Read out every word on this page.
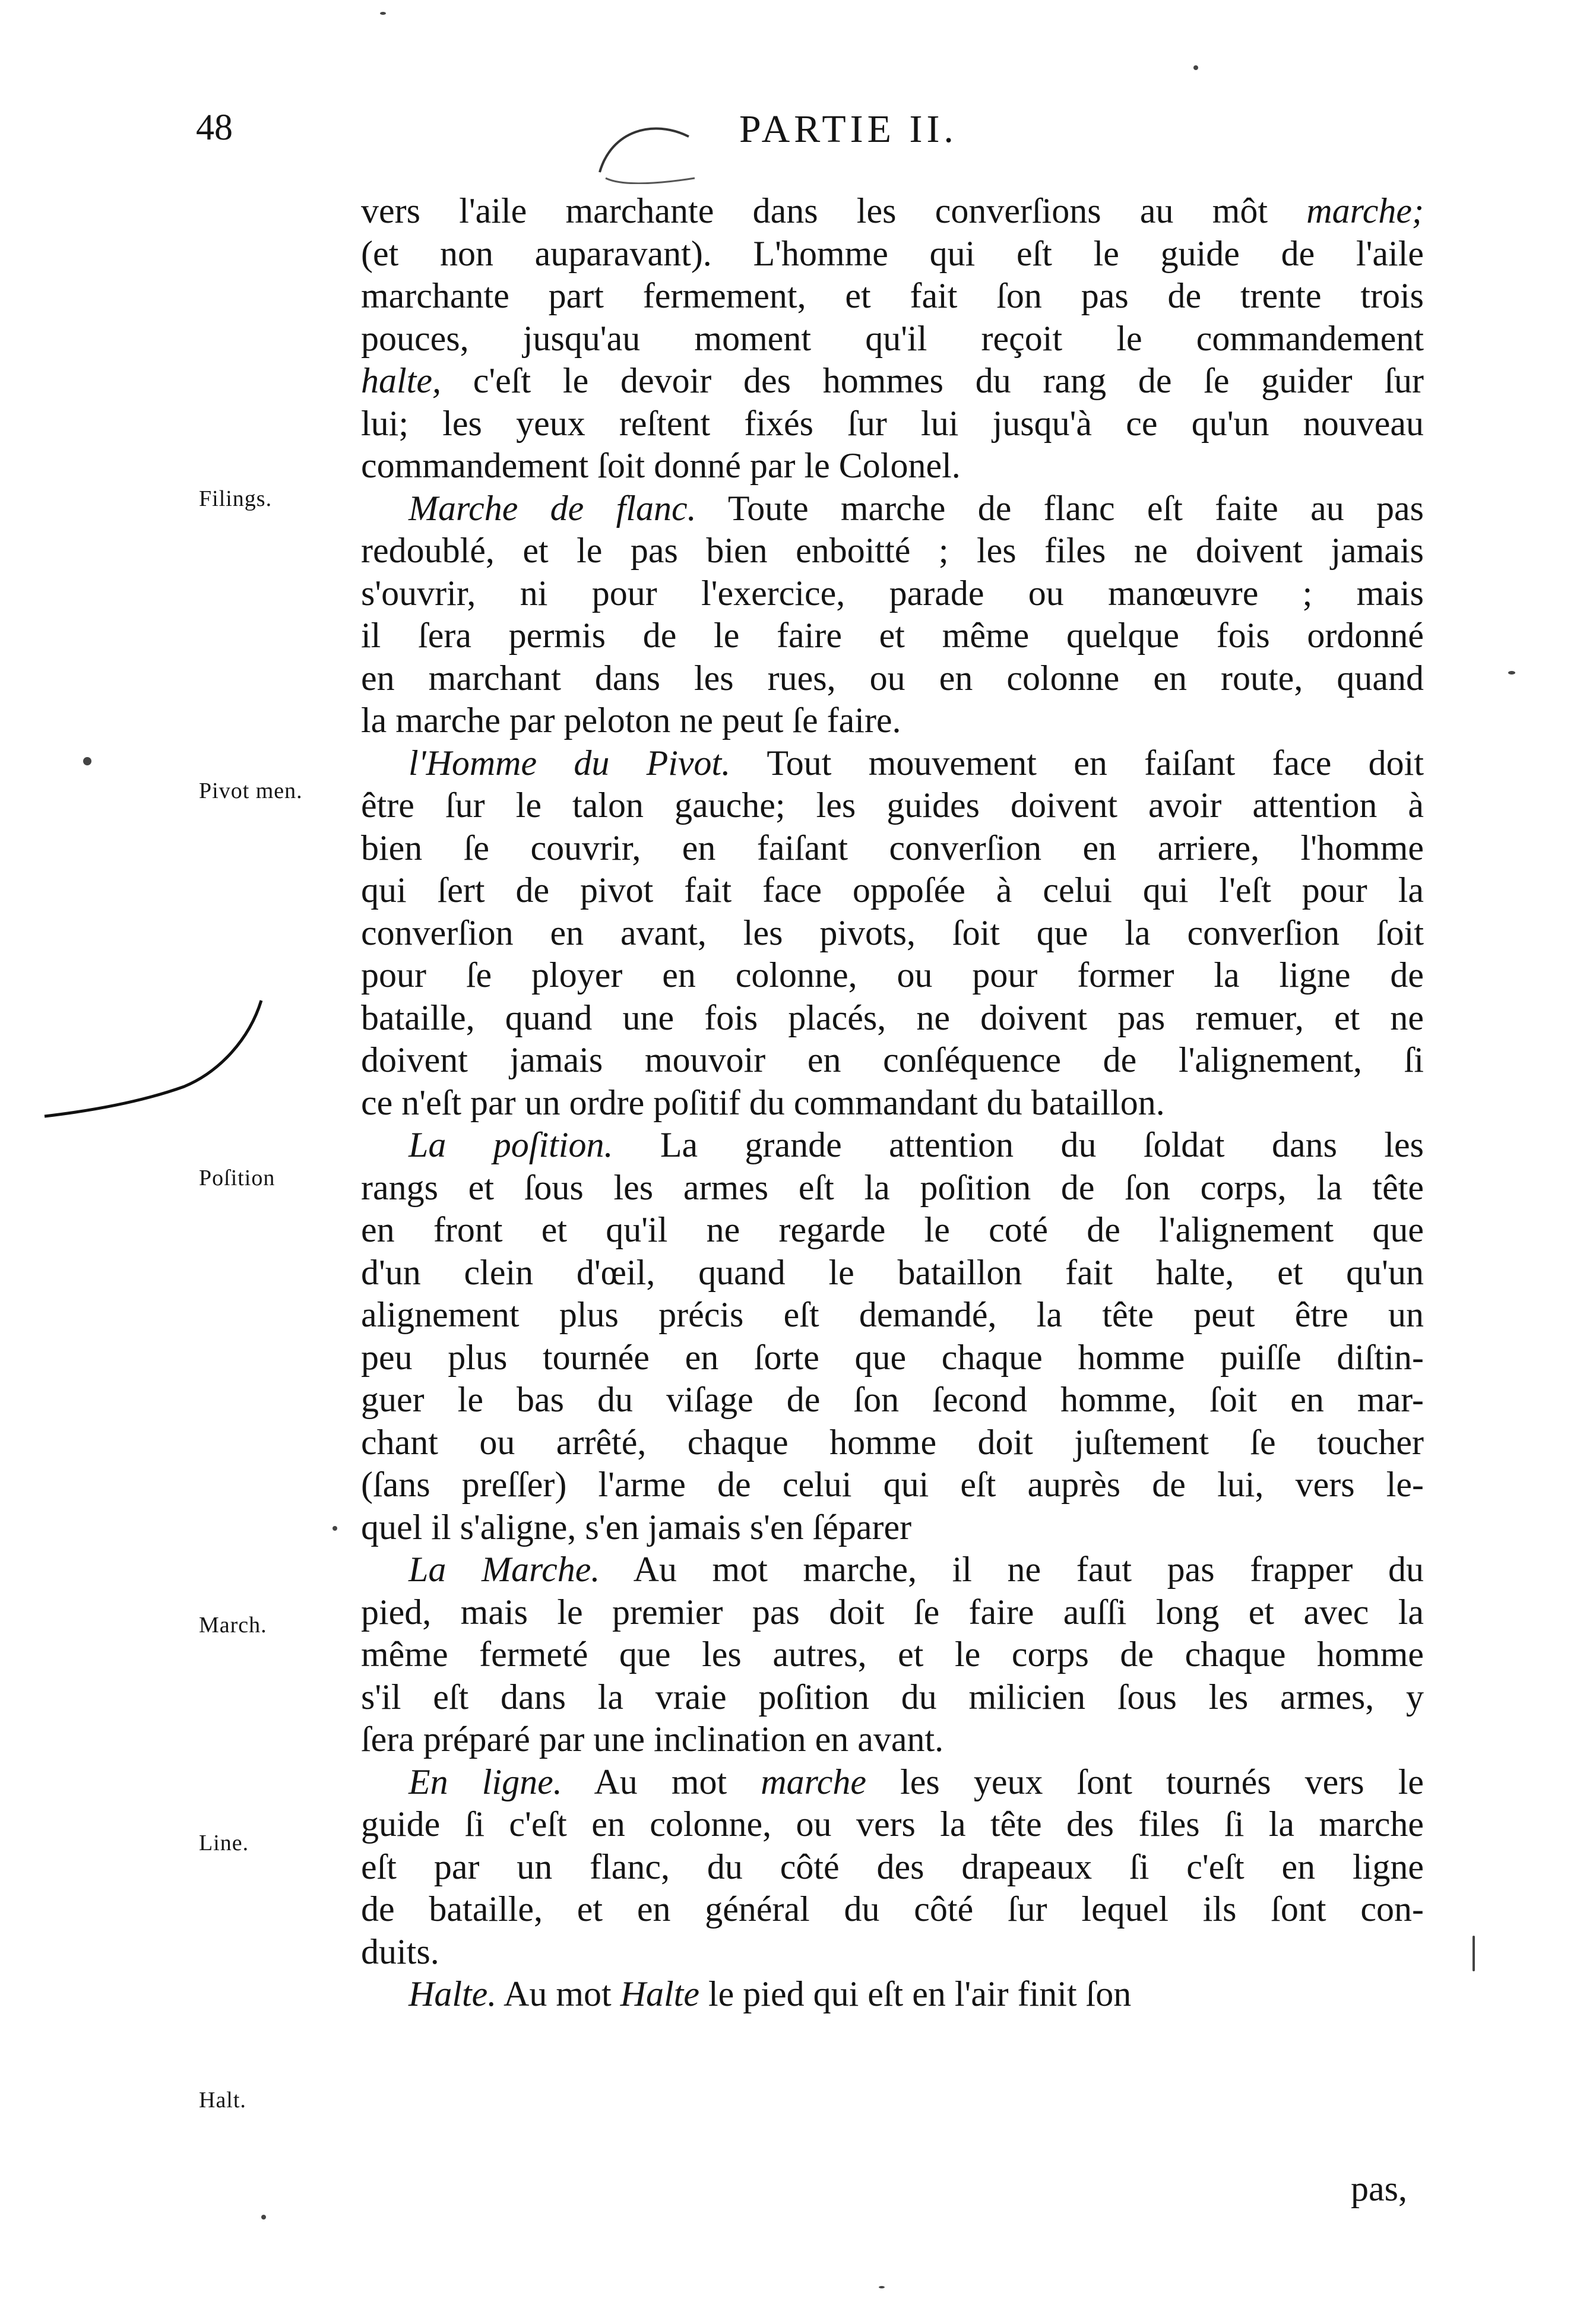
48	PARTIE II.
vers l'aile marchante dans les converſions au môt marche;
(et non auparavant). L'homme qui eſt le guide de l'aile
marchante part fermement, et fait ſon pas de trente trois
pouces, jusqu'au moment qu'il reçoit le commandement
halte, c'eſt le devoir des hommes du rang de ſe guider ſur
lui; les yeux reſtent fixés ſur lui jusqu'à ce qu'un nouveau
commandement ſoit donné par le Colonel.
Marche de flanc. Toute marche de flanc eſt faite au pas
redoublé, et le pas bien enboitté ; les files ne doivent jamais
s'ouvrir, ni pour l'exercice, parade ou manœuvre ; mais
il ſera permis de le faire et même quelque fois ordonné
en marchant dans les rues, ou en colonne en route, quand
la marche par peloton ne peut ſe faire.
l'Homme du Pivot. Tout mouvement en faiſant face doit
être ſur le talon gauche; les guides doivent avoir attention à
bien ſe couvrir, en faiſant converſion en arriere, l'homme
qui ſert de pivot fait face oppoſée à celui qui l'eſt pour la
converſion en avant, les pivots, ſoit que la converſion ſoit
pour ſe ployer en colonne, ou pour former la ligne de
bataille, quand une fois placés, ne doivent pas remuer, et ne
doivent jamais mouvoir en conſéquence de l'alignement, ſi
ce n'eſt par un ordre poſitif du commandant du bataillon.
La poſition. La grande attention du ſoldat dans les
rangs et ſous les armes eſt la poſition de ſon corps, la tête
en front et qu'il ne regarde le coté de l'alignement que
d'un clein d'œil, quand le bataillon fait halte, et qu'un
alignement plus précis eſt demandé, la tête peut être un
peu plus tournée en ſorte que chaque homme puiſſe diſtin-
guer le bas du viſage de ſon ſecond homme, ſoit en mar-
chant ou arrêté, chaque homme doit juſtement ſe toucher
(ſans preſſer) l'arme de celui qui eſt auprès de lui, vers le-
quel il s'aligne, s'en jamais s'en ſéparer
La Marche. Au mot marche, il ne faut pas frapper du
pied, mais le premier pas doit ſe faire auſſi long et avec la
même fermeté que les autres, et le corps de chaque homme
s'il eſt dans la vraie poſition du milicien ſous les armes, y
ſera préparé par une inclination en avant.
En ligne. Au mot marche les yeux ſont tournés vers le
guide ſi c'eſt en colonne, ou vers la tête des files ſi la marche
eſt par un flanc, du côté des drapeaux ſi c'eſt en ligne
de bataille, et en général du côté ſur lequel ils ſont con-
duits.
Halte. Au mot Halte le pied qui eſt en l'air finit ſon
Filings.
Pivot men.
Poſition
March.
Line.
Halt.
pas,
